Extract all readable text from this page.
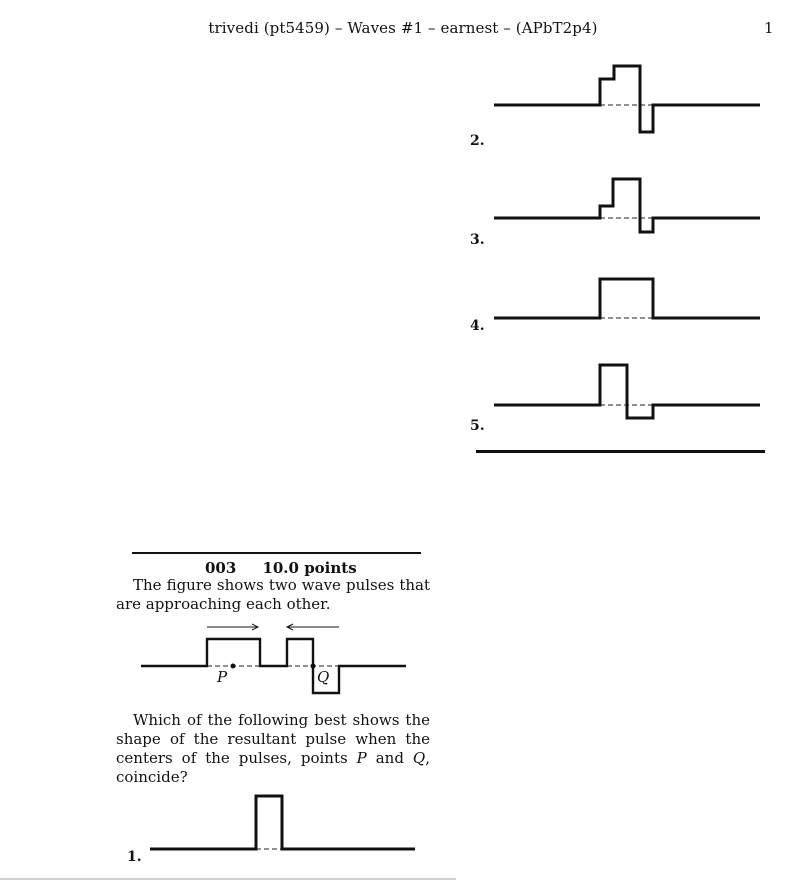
trivedi (pt5459) – Waves #1 – earnest – (APbT2p4)	1
2.
3.
4.
5.
003 10.0 points
The figure shows two wave pulses that are approaching each other.
P	Q
Which of the following best shows the shape of the resultant pulse when the centers of the pulses, points P and Q, coincide?
1.
